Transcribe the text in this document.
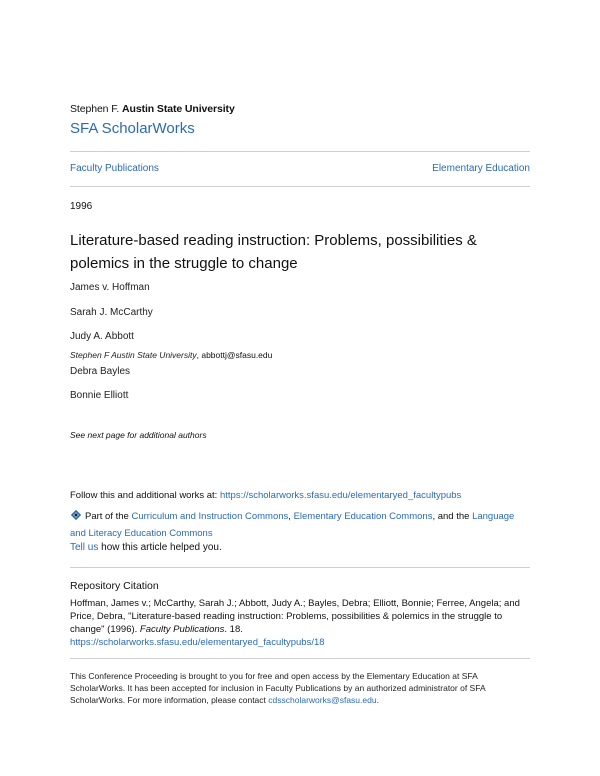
Stephen F. Austin State University
SFA ScholarWorks
Faculty Publications	Elementary Education
1996
Literature-based reading instruction: Problems, possibilities & polemics in the struggle to change
James v. Hoffman
Sarah J. McCarthy
Judy A. Abbott
Stephen F Austin State University, abbottj@sfasu.edu
Debra Bayles
Bonnie Elliott
See next page for additional authors
Follow this and additional works at: https://scholarworks.sfasu.edu/elementaryed_facultypubs
Part of the Curriculum and Instruction Commons, Elementary Education Commons, and the Language and Literacy Education Commons
Tell us how this article helped you.
Repository Citation
Hoffman, James v.; McCarthy, Sarah J.; Abbott, Judy A.; Bayles, Debra; Elliott, Bonnie; Ferree, Angela; and Price, Debra, "Literature-based reading instruction: Problems, possibilities & polemics in the struggle to change" (1996). Faculty Publications. 18.
https://scholarworks.sfasu.edu/elementaryed_facultypubs/18
This Conference Proceeding is brought to you for free and open access by the Elementary Education at SFA ScholarWorks. It has been accepted for inclusion in Faculty Publications by an authorized administrator of SFA ScholarWorks. For more information, please contact cdsscholarworks@sfasu.edu.
